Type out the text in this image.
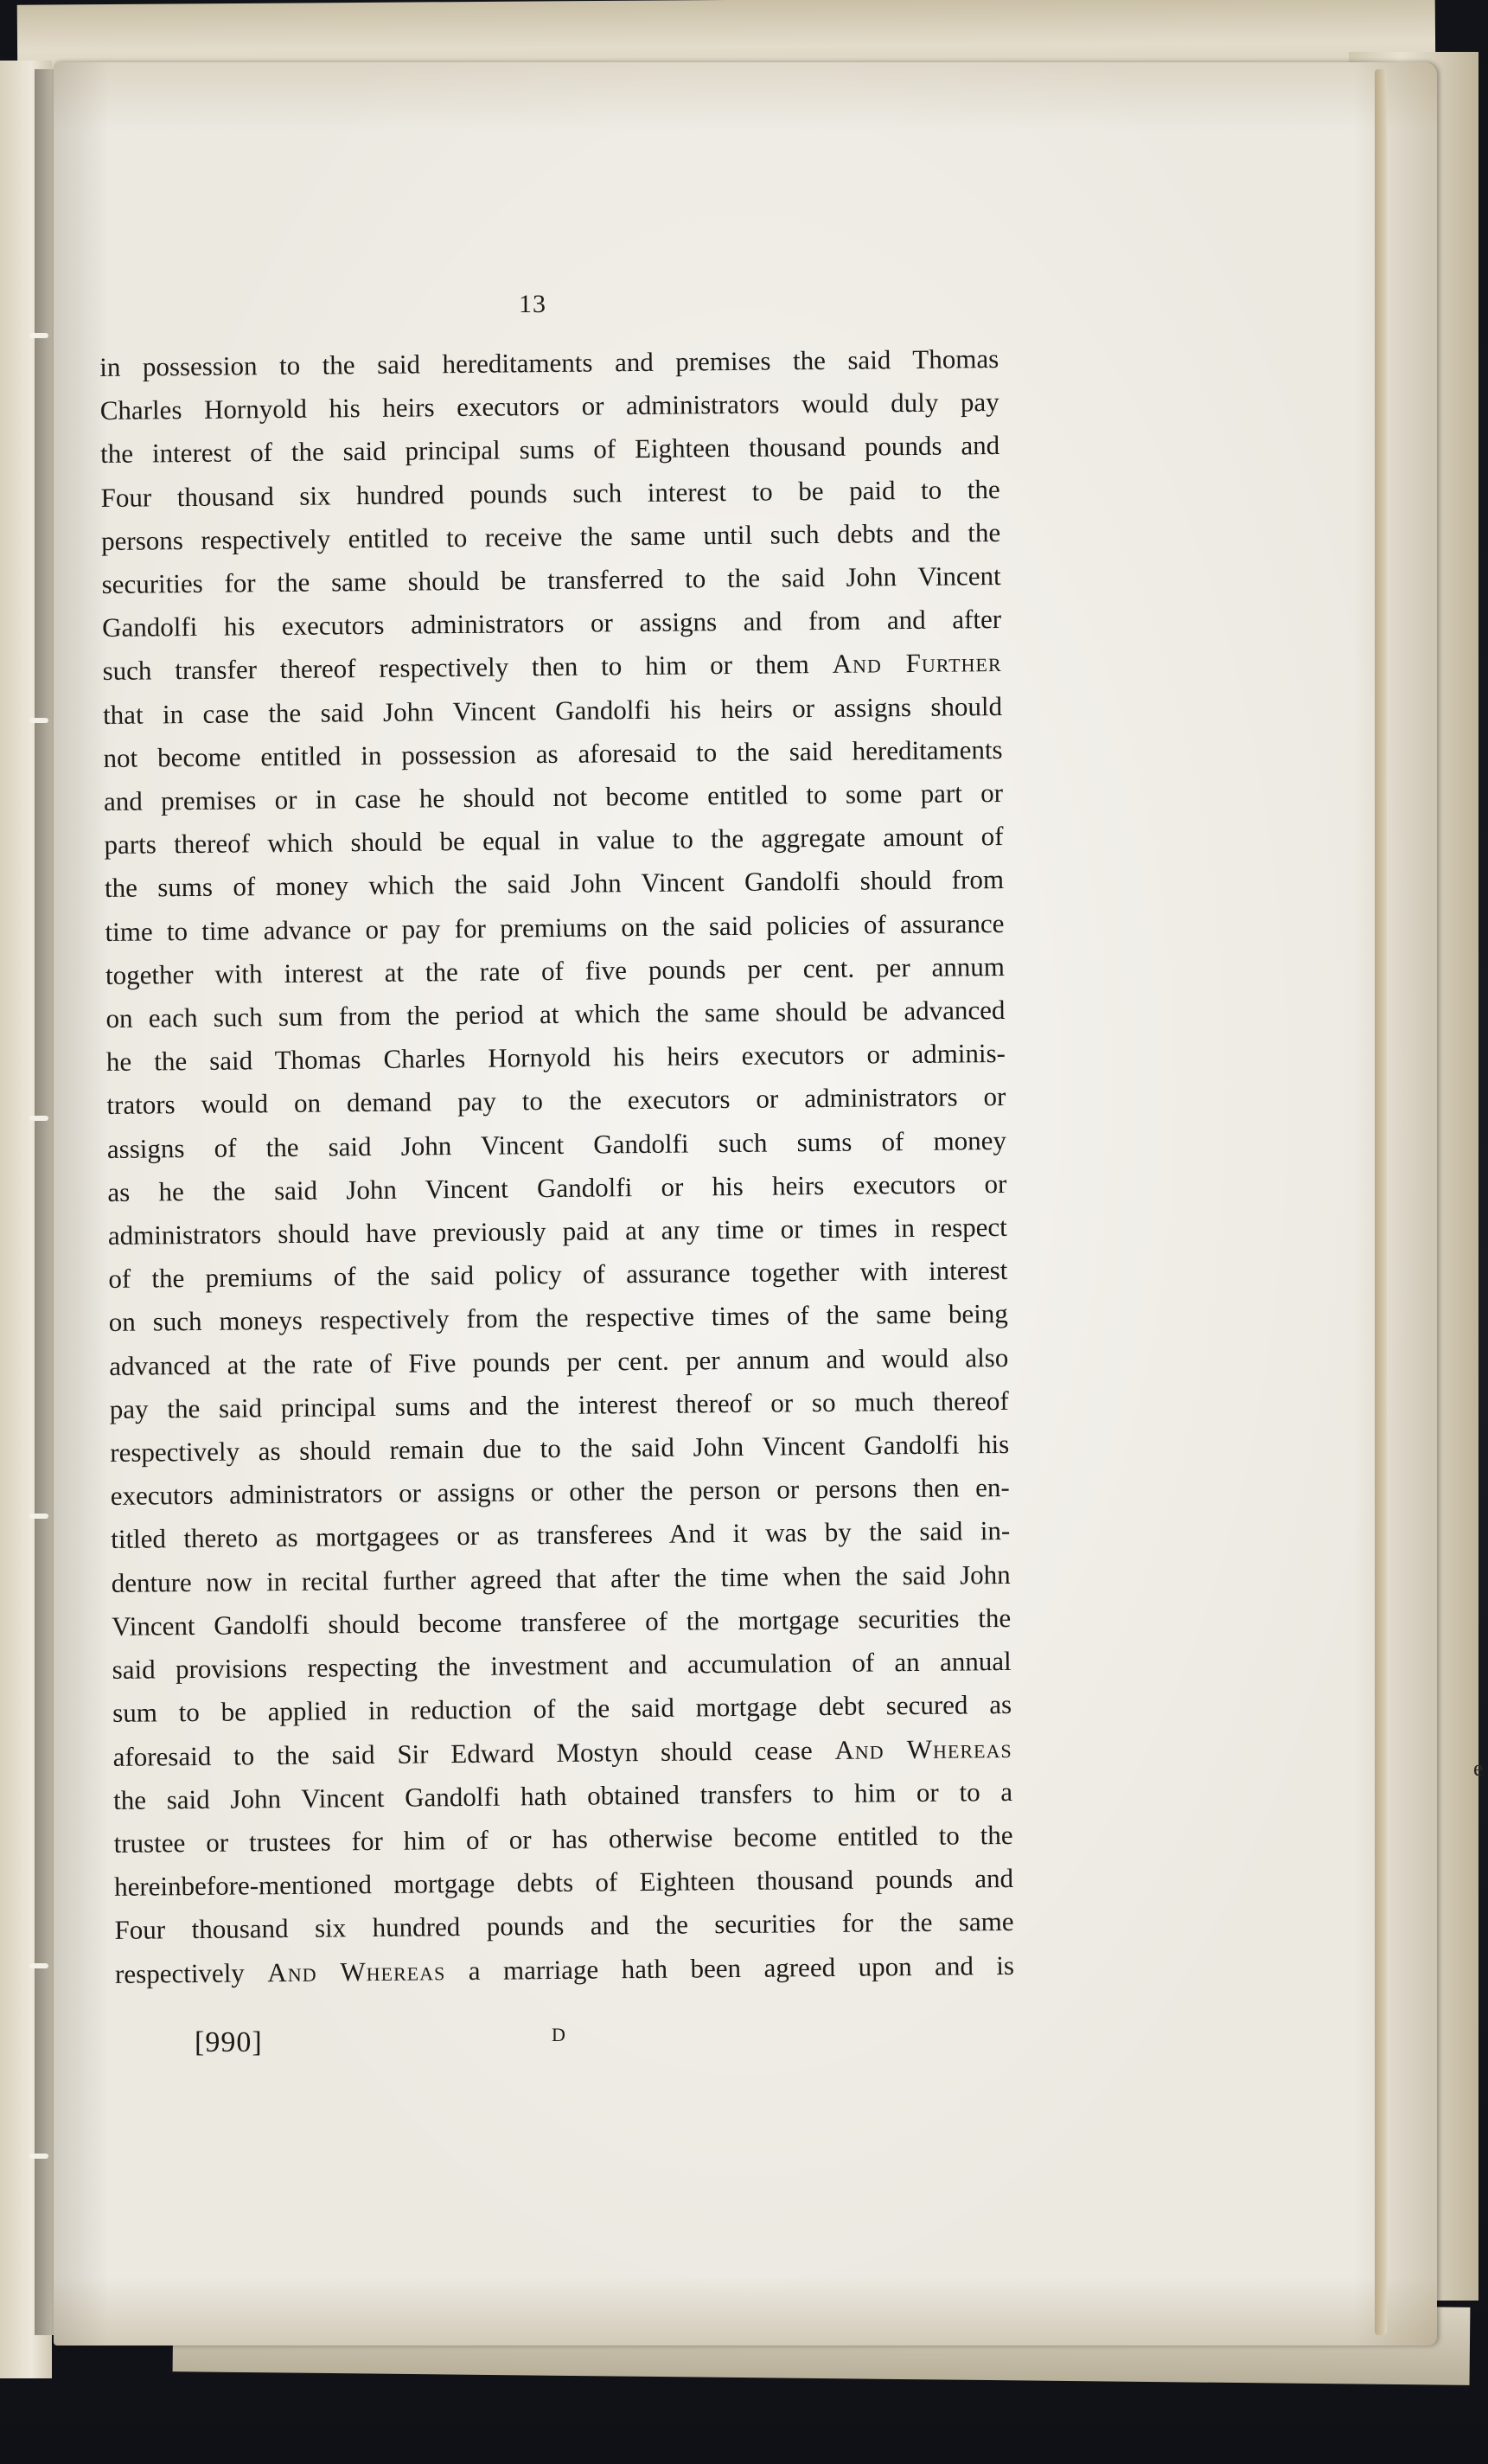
13
in possession to the said hereditaments and premises the said Thomas
Charles Hornyold his heirs executors or administrators would duly pay
the interest of the said principal sums of Eighteen thousand pounds and
Four thousand six hundred pounds such interest to be paid to the
persons respectively entitled to receive the same until such debts and the
securities for the same should be transferred to the said John Vincent
Gandolfi his executors administrators or assigns and from and after
such transfer thereof respectively then to him or them And Further
that in case the said John Vincent Gandolfi his heirs or assigns should
not become entitled in possession as aforesaid to the said hereditaments
and premises or in case he should not become entitled to some part or
parts thereof which should be equal in value to the aggregate amount of
the sums of money which the said John Vincent Gandolfi should from
time to time advance or pay for premiums on the said policies of assurance
together with interest at the rate of five pounds per cent. per annum
on each such sum from the period at which the same should be advanced
he the said Thomas Charles Hornyold his heirs executors or adminis-
trators would on demand pay to the executors or administrators or
assigns of the said John Vincent Gandolfi such sums of money
as he the said John Vincent Gandolfi or his heirs executors or
administrators should have previously paid at any time or times in respect
of the premiums of the said policy of assurance together with interest
on such moneys respectively from the respective times of the same being
advanced at the rate of Five pounds per cent. per annum and would also
pay the said principal sums and the interest thereof or so much thereof
respectively as should remain due to the said John Vincent Gandolfi his
executors administrators or assigns or other the person or persons then en-
titled thereto as mortgagees or as transferees And it was by the said in-
denture now in recital further agreed that after the time when the said John
Vincent Gandolfi should become transferee of the mortgage securities the
said provisions respecting the investment and accumulation of an annual
sum to be applied in reduction of the said mortgage debt secured as
aforesaid to the said Sir Edward Mostyn should cease And Whereas
the said John Vincent Gandolfi hath obtained transfers to him or to a
trustee or trustees for him of or has otherwise become entitled to the
hereinbefore-mentioned mortgage debts of Eighteen thousand pounds and
Four thousand six hundred pounds and the securities for the same
respectively And Whereas a marriage hath been agreed upon and is
[990]	D
e
